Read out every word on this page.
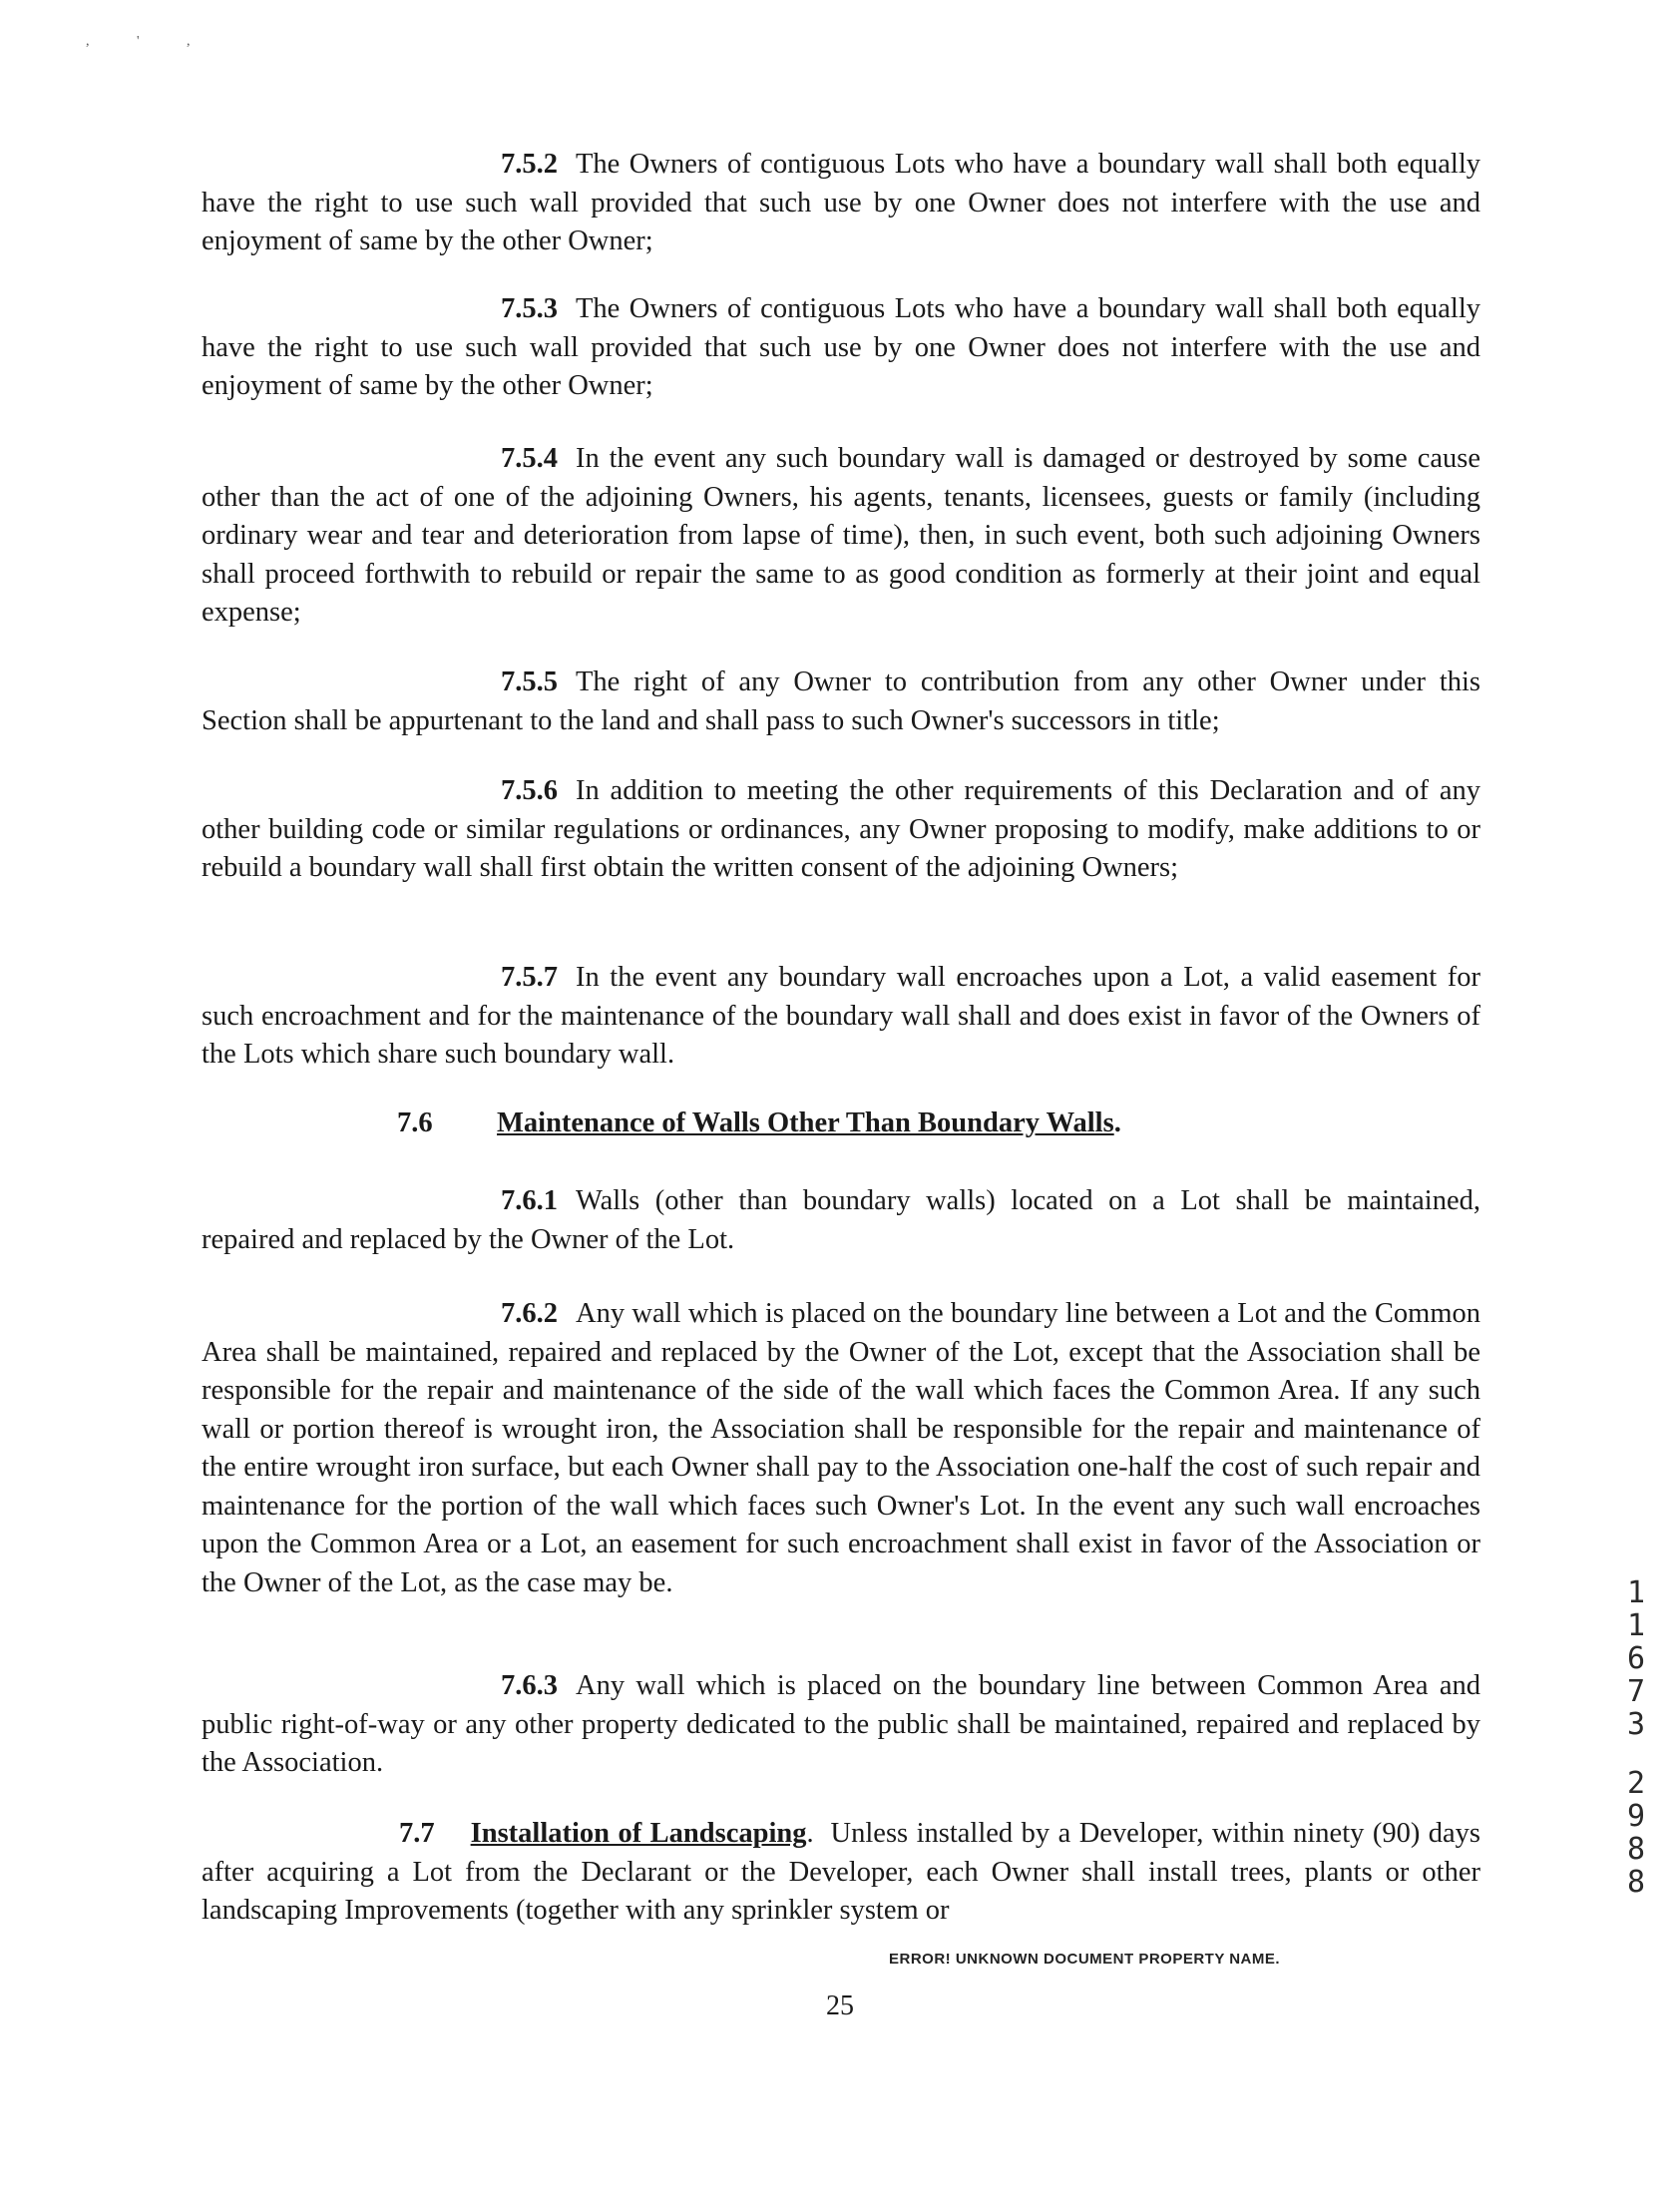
, ' ,

7.5.2 The Owners of contiguous Lots who have a boundary wall shall both equally have the right to use such wall provided that such use by one Owner does not interfere with the use and enjoyment of same by the other Owner;

7.5.3 The Owners of contiguous Lots who have a boundary wall shall both equally have the right to use such wall provided that such use by one Owner does not interfere with the use and enjoyment of same by the other Owner;

7.5.4 In the event any such boundary wall is damaged or destroyed by some cause other than the act of one of the adjoining Owners, his agents, tenants, licensees, guests or family (including ordinary wear and tear and deterioration from lapse of time), then, in such event, both such adjoining Owners shall proceed forthwith to rebuild or repair the same to as good condition as formerly at their joint and equal expense;

7.5.5 The right of any Owner to contribution from any other Owner under this Section shall be appurtenant to the land and shall pass to such Owner's successors in title;

7.5.6 In addition to meeting the other requirements of this Declaration and of any other building code or similar regulations or ordinances, any Owner proposing to modify, make additions to or rebuild a boundary wall shall first obtain the written consent of the adjoining Owners;

7.5.7 In the event any boundary wall encroaches upon a Lot, a valid easement for such encroachment and for the maintenance of the boundary wall shall and does exist in favor of the Owners of the Lots which share such boundary wall.

7.6 Maintenance of Walls Other Than Boundary Walls.

7.6.1 Walls (other than boundary walls) located on a Lot shall be maintained, repaired and replaced by the Owner of the Lot.

7.6.2 Any wall which is placed on the boundary line between a Lot and the Common Area shall be maintained, repaired and replaced by the Owner of the Lot, except that the Association shall be responsible for the repair and maintenance of the side of the wall which faces the Common Area. If any such wall or portion thereof is wrought iron, the Association shall be responsible for the repair and maintenance of the entire wrought iron surface, but each Owner shall pay to the Association one-half the cost of such repair and maintenance for the portion of the wall which faces such Owner's Lot. In the event any such wall encroaches upon the Common Area or a Lot, an easement for such encroachment shall exist in favor of the Association or the Owner of the Lot, as the case may be.

7.6.3 Any wall which is placed on the boundary line between Common Area and public right-of-way or any other property dedicated to the public shall be maintained, repaired and replaced by the Association.

7.7 Installation of Landscaping. Unless installed by a Developer, within ninety (90) days after acquiring a Lot from the Declarant or the Developer, each Owner shall install trees, plants or other landscaping Improvements (together with any sprinkler system or

ERROR! UNKNOWN DOCUMENT PROPERTY NAME.
25
1
1
6
7
3
2
9
8
8
